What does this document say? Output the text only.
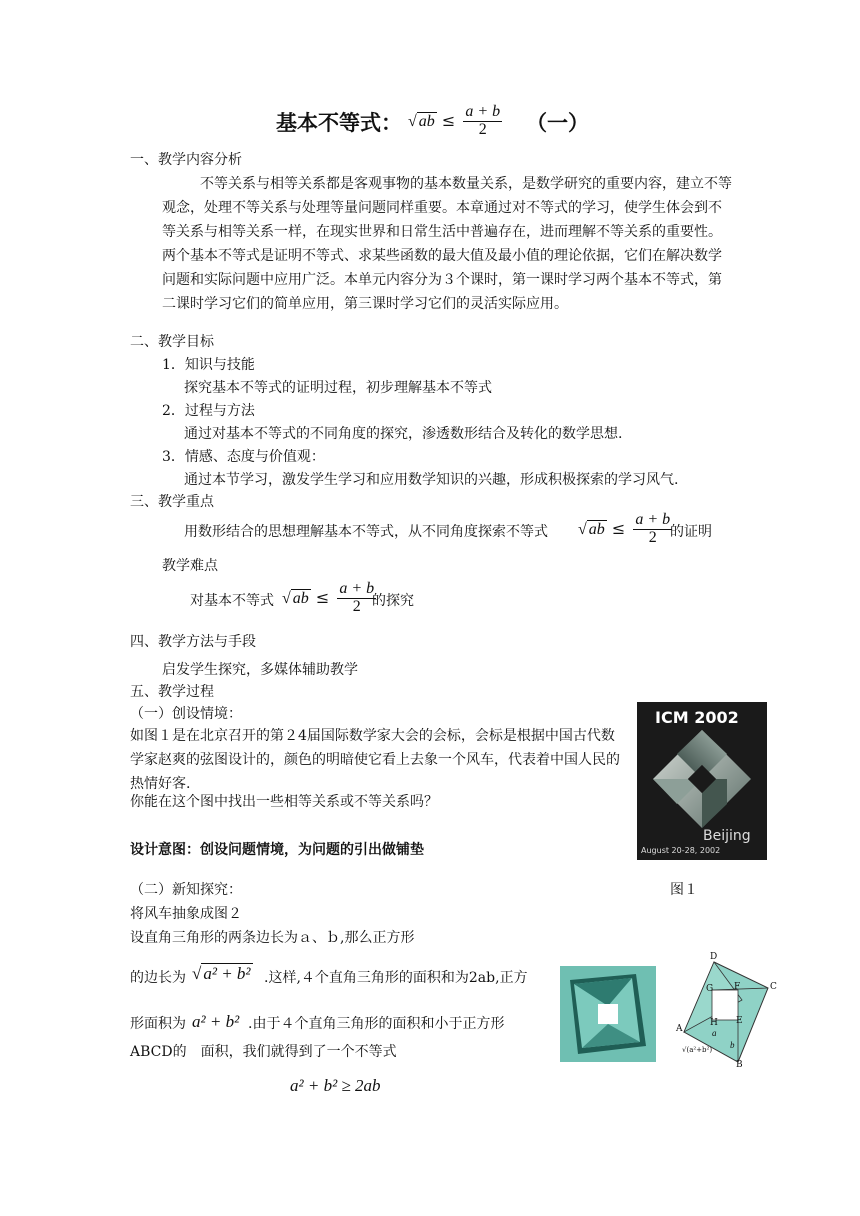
基本不等式： √ ab ≤ $\frac{a + b}{2}$ （一）
一、教学内容分析
不等关系与相等关系都是客观事物的基本数量关系，是数学研究的重要内容，建立不等观念，处理不等关系与处理等量问题同样重要。本章通过对不等式的学习，使学生体会到不等关系与相等关系一样，在现实世界和日常生活中普遍存在，进而理解不等关系的重要性。两个基本不等式是证明不等式、求某些函数的最大值及最小值的理论依据，它们在解决数学问题和实际问题中应用广泛。本单元内容分为３个课时，第一课时学习两个基本不等式，第二课时学习它们的简单应用，第三课时学习它们的灵活实际应用。
二、教学目标
1．知识与技能
探究基本不等式的证明过程，初步理解基本不等式
2．过程与方法
通过对基本不等式的不同角度的探究，渗透数形结合及转化的数学思想.
3．情感、态度与价值观：
通过本节学习，激发学生学习和应用数学知识的兴趣，形成积极探索的学习风气.
三、教学重点
用数形结合的思想理解基本不等式，从不同角度探索不等式 √ ab ≤ $\frac{a + b}{2}$
的证明
教学难点
对基本不等式 √ ab ≤ $\frac{a + b}{2}$
的探究
四、教学方法与手段
启发学生探究，多媒体辅助教学
五、教学过程
（一）创设情境：
如图１是在北京召开的第２4届国际数学家大会的会标，会标是根据中国古代数学家赵爽的弦图设计的，颜色的明暗使它看上去象一个风车，代表着中国人民的热情好客.
你能在这个图中找出一些相等关系或不等关系吗？
设计意图：创设问题情境，为问题的引出做铺垫
ICM 2002
Beijing
August 20-28, 2002
（二）新知探究：	图１
将风车抽象成图２
设直角三角形的两条边长为ａ、ｂ,那么正方形
的边长为 √ a² + b² .这样,４个直角三角形的面积和为2ab,正方
形面积为 a² + b² .由于４个直角三角形的面积和小于正方形
ABCD的　面积，我们就得到了一个不等式
a² + b² ≥ 2ab
D
C
A
B
G F
H E
a
b
√(a²+b²)
